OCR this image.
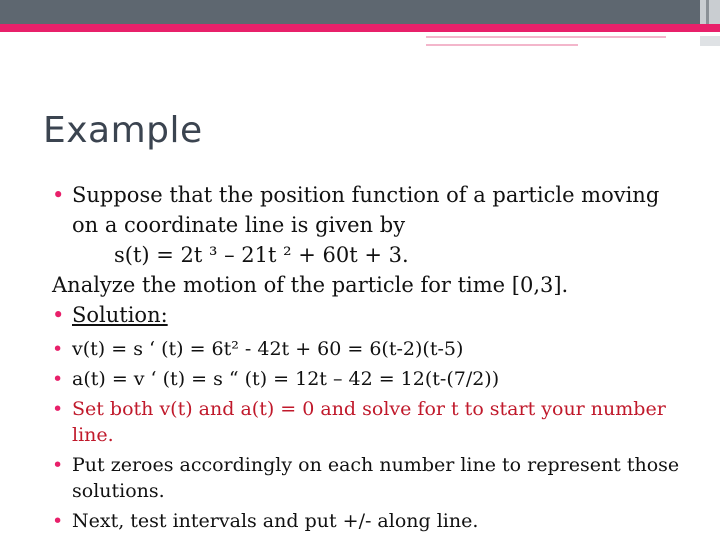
Example
• Suppose that the position function of a particle moving
on a coordinate line is given by
s(t) = 2t ³ – 21t ² + 60t + 3.
Analyze the motion of the particle for time [0,3].
• Solution:
• v(t) = s ‘ (t) = 6t² - 42t + 60 = 6(t-2)(t-5)
• a(t) = v ‘ (t) = s “ (t) = 12t – 42 = 12(t-(7/2))
• Set both v(t) and a(t) = 0 and solve for t to start your number
line.
• Put zeroes accordingly on each number line to represent those
solutions.
• Next, test intervals and put +/- along line.
